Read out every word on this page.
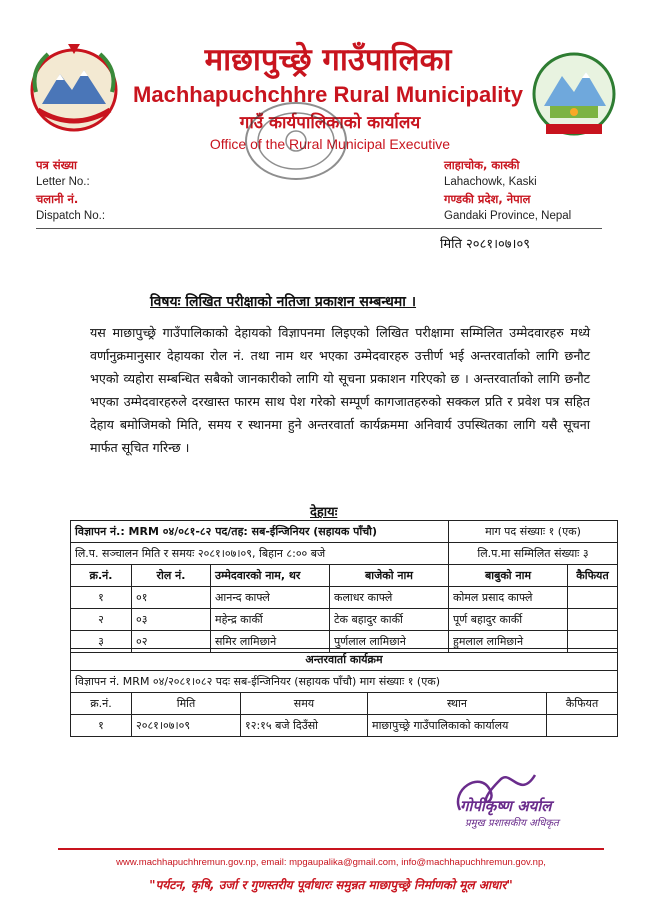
माछापुच्छ्रे गाउँपालिका
Machhapuchchhre Rural Municipality
गाउँ कार्यपालिकाको कार्यालय
Office of the Rural Municipal Executive
पत्र संख्या
Letter No.:
चलानी नं.
Dispatch No.:
लाहाचोक, कास्की
Lahachowk, Kaski
गण्डकी प्रदेश, नेपाल
Gandaki Province, Nepal
मिति २०८१।०७।०९
विषयः लिखित परीक्षाको नतिजा प्रकाशन सम्बन्धमा ।
यस माछापुच्छ्रे गाउँपालिकाको देहायको विज्ञापनमा लिइएको लिखित परीक्षामा सम्मिलित उम्मेदवारहरु मध्ये वर्णानुक्रमानुसार देहायका रोल नं. तथा नाम थर भएका उम्मेदवारहरु उत्तीर्ण भई अन्तरवार्ताको लागि छनौट भएको व्यहोरा सम्बन्धित सबैको जानकारीको लागि यो सूचना प्रकाशन गरिएको छ । अन्तरवार्ताको लागि छनौट भएका उम्मेदवारहरुले दरखास्त फारम साथ पेश गरेको सम्पूर्ण कागजातहरुको सक्कल प्रति र प्रवेश पत्र सहित देहाय बमोजिमको मिति, समय र स्थानमा हुने अन्तरवार्ता कार्यक्रममा अनिवार्य उपस्थितका लागि यसै सूचना मार्फत सूचित गरिन्छ ।
देहायः
विज्ञापन नं.: MRM ०४/०८१-८२ पद/तह: सब-ईन्जिनियर (सहायक पाँचौ)				माग पद संख्याः १ (एक)	
लि.प. सञ्चालन मिति र समयः २०८१।०७।०९, बिहान ८:०० बजे				लि.प.मा सम्मिलित संख्याः ३	
क्र.नं.	रोल नं.	उम्मेदवारको नाम, थर	बाजेको नाम	बाबुको नाम	कैफियत
१	०१	आनन्द काफ्ले	कलाधर काफ्ले	कोमल प्रसाद काफ्ले	
२	०३	महेन्द्र कार्की	टेक बहादुर कार्की	पूर्ण बहादुर कार्की	
३	०२	समिर लामिछाने	पुर्णलाल लामिछाने	हुमलाल लामिछाने	
अन्तरवार्ता कार्यक्रम				
विज्ञापन नं. MRM ०४/२०८१।०८२ पदः सब-ईन्जिनियर (सहायक पाँचौ) माग संख्याः १ (एक)				
क्र.नं.	मिति	समय	स्थान	कैफियत
१	२०८१।०७।०९	१२:१५ बजे दिउँसो	माछापुच्छ्रे गाउँपालिकाको कार्यालय	
गोपीकृष्ण अर्याल
प्रमुख प्रशासकीय अधिकृत
www.machhapuchhremun.gov.np, email: mpgaupalika@gmail.com, info@machhapuchhremun.gov.np,
"पर्यटन, कृषि, उर्जा र गुणस्तरीय पूर्वाधारः समुन्नत माछापुच्छ्रे निर्माणको मूल आधार"
